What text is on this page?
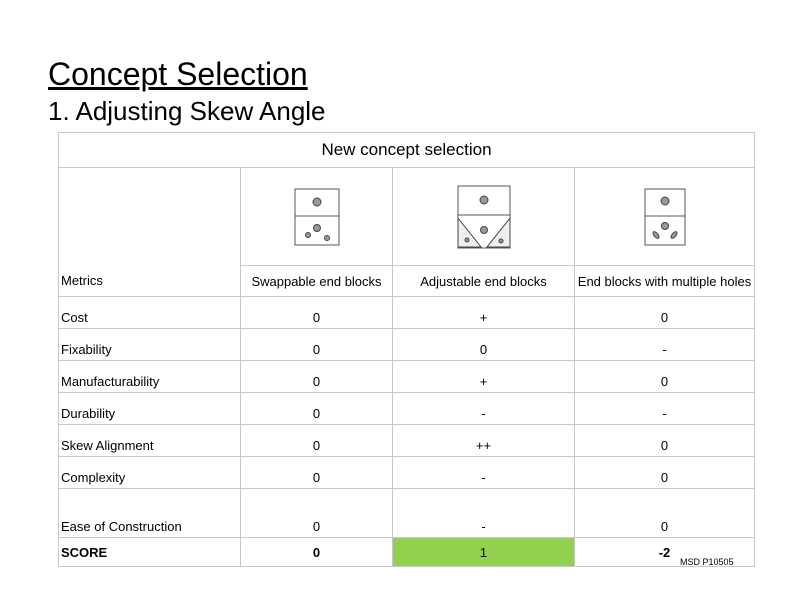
Concept Selection
1. Adjusting Skew Angle
New concept selection			

Metrics	Swappable end blocks	Adjustable end blocks	End blocks with multiple holes
Cost	0	+	0
Fixability	0	0	-
Manufacturability	0	+	0
Durability	0	-	-
Skew Alignment	0	++	0
Complexity	0	-	0
Ease of Construction	0	-	0
SCORE	0	1	-2
MSD P10505
